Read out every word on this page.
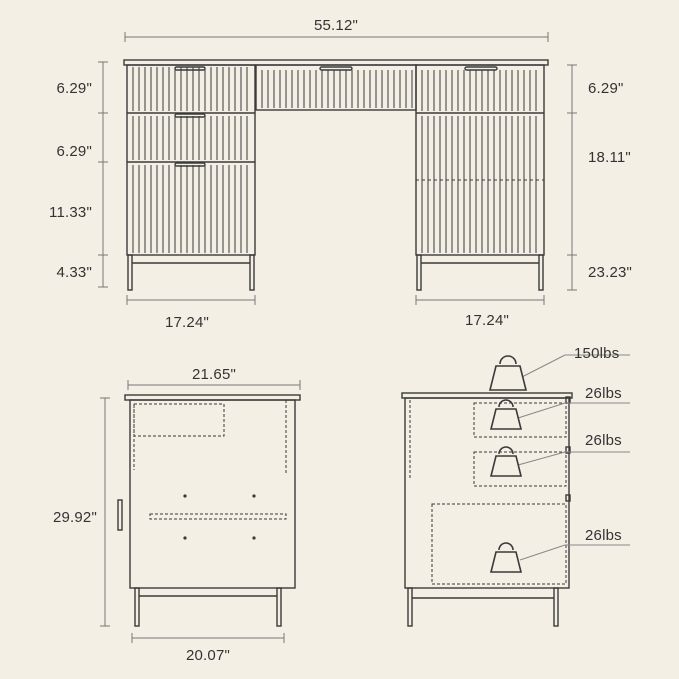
55.12"
6.29"
6.29"
11.33"
4.33"
6.29"
18.11"
23.23"
17.24"	17.24"
21.65"
29.92"
20.07"
150lbs
26lbs
26lbs
26lbs
